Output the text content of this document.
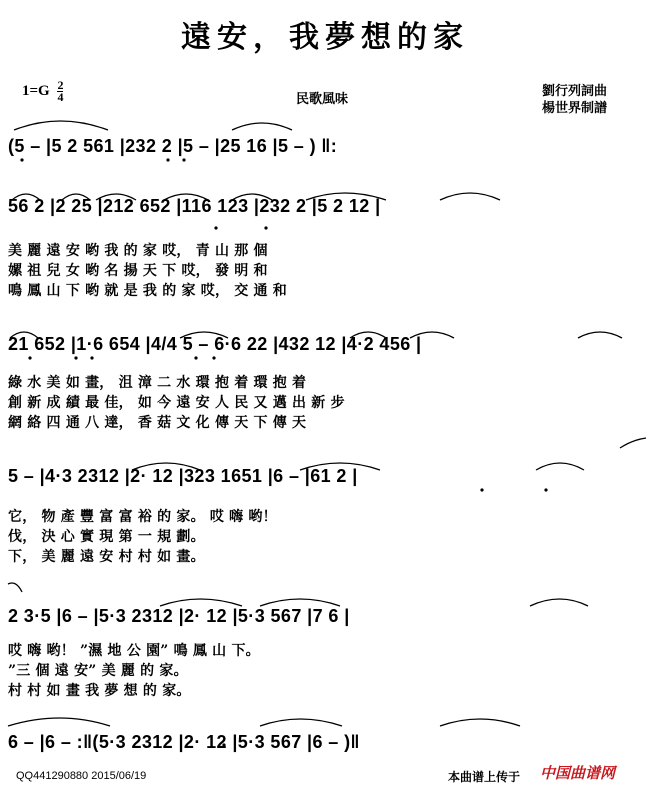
遠安，我夢想的家
$1=G \frac{2}{4}$	民歌風味
劉行列詞曲
楊世界制譜
(5 – |5 2 561 |232 2 |5 – |25 16 |5 – ) ‖:
56 2 |2 25 |212 652 |116 123 |232 2 |5 2 12 |
美 麗 遠 安 哟 我 的 家 哎， 青 山 那 個
嫘 祖 兒 女 哟 名 揚 天 下 哎， 發 明 和
鳴 鳳 山 下 哟 就 是 我 的 家 哎， 交 通 和
21 652 |1·6 654 |4/4 5 – 6·6 22 |432 12 |4·2 456 |
綠 水 美 如 畫， 沮 漳 二 水 環 抱 着 環 抱 着
創 新 成 績 最 佳， 如 今 遠 安 人 民 又 邁 出 新 步
網 絡 四 通 八 達， 香 菇 文 化 傳 天 下 傳 天
5 – |4·3 2312 |2· 12 |323 1651 |6 – |61 2 |
它， 物 產 豐 富 富 裕 的 家。 哎 嗨 哟！
伐， 決 心 實 現 第 一 規 劃。
下， 美 麗 遠 安 村 村 如 畫。
2 3·5 |6 – |5·3 2312 |2· 12 |5·3 567 |7 6 |
哎 嗨 哟！ ”濕 地 公 園” 鳴 鳳 山 下。
”三 個 遠 安” 美 麗 的 家。
村 村 如 畫 我 夢 想 的 家。
6 – |6 – :‖(5·3 2312 |2· 12 |5·3 567 |6 – )‖
QQ441290880 2015/06/19	本曲谱上传于 中国曲谱网
